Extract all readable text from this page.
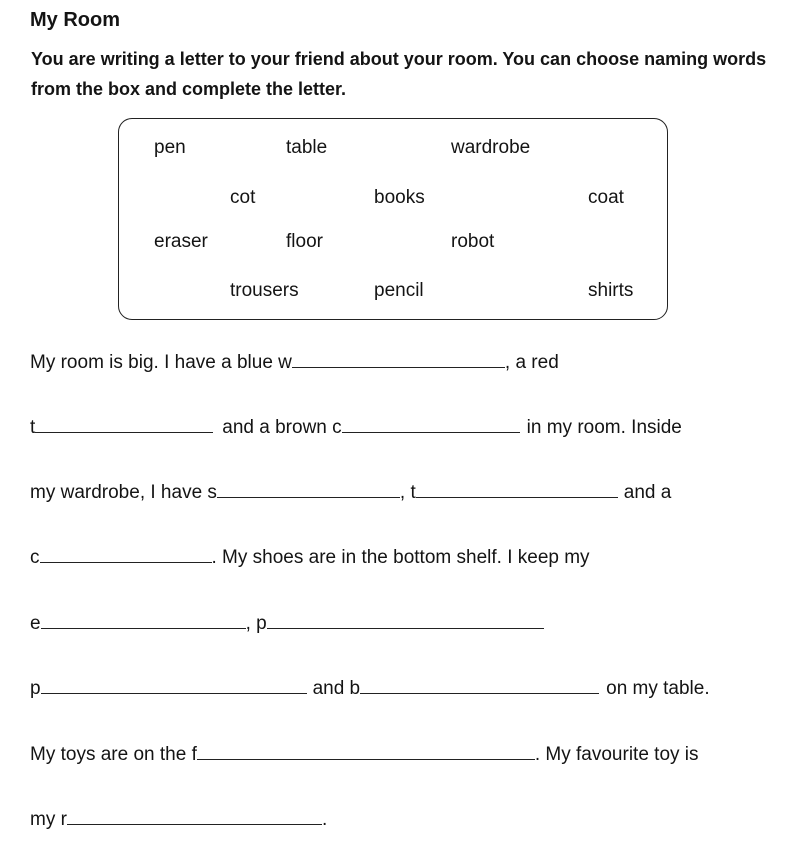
My Room

You are writing a letter to your friend about your room. You can choose naming words from the box and complete the letter.

pen	table	wardrobe
cot	books	coat
eraser	floor	robot
trousers	pencil	shirts
My room is big. I have a blue w	, a red
t	and a brown c	in my room. Inside
my wardrobe, I have s	, t	and a
c	. My shoes are in the bottom shelf. I keep my
e	, p
p	and b	on my table.
My toys are on the f	. My favourite toy is
my r	.
